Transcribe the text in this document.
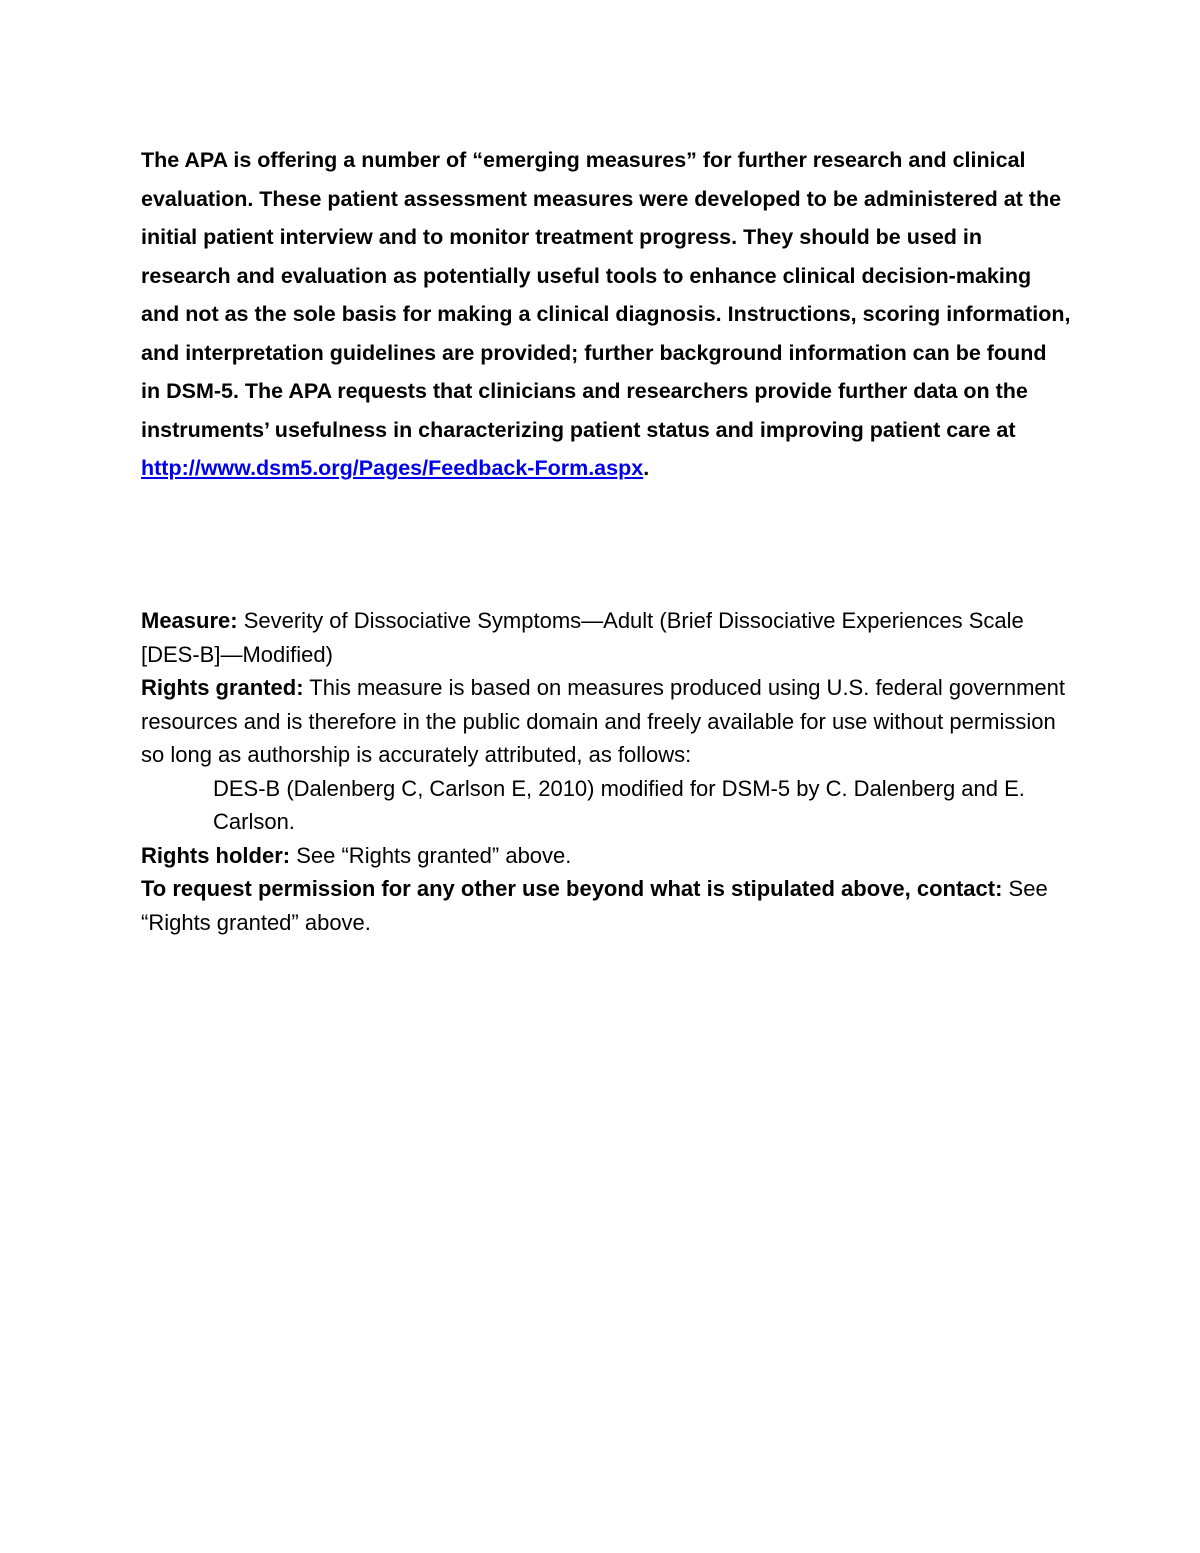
The APA is offering a number of “emerging measures” for further research and clinical evaluation. These patient assessment measures were developed to be administered at the initial patient interview and to monitor treatment progress. They should be used in research and evaluation as potentially useful tools to enhance clinical decision-making and not as the sole basis for making a clinical diagnosis. Instructions, scoring information, and interpretation guidelines are provided; further background information can be found in DSM-5. The APA requests that clinicians and researchers provide further data on the instruments’ usefulness in characterizing patient status and improving patient care at http://www.dsm5.org/Pages/Feedback-Form.aspx.

Measure: Severity of Dissociative Symptoms—Adult (Brief Dissociative Experiences Scale [DES-B]—Modified)

Rights granted: This measure is based on measures produced using U.S. federal government resources and is therefore in the public domain and freely available for use without permission so long as authorship is accurately attributed, as follows:

DES-B (Dalenberg C, Carlson E, 2010) modified for DSM-5 by C. Dalenberg and E. Carlson.

Rights holder: See “Rights granted” above.

To request permission for any other use beyond what is stipulated above, contact: See “Rights granted” above.
